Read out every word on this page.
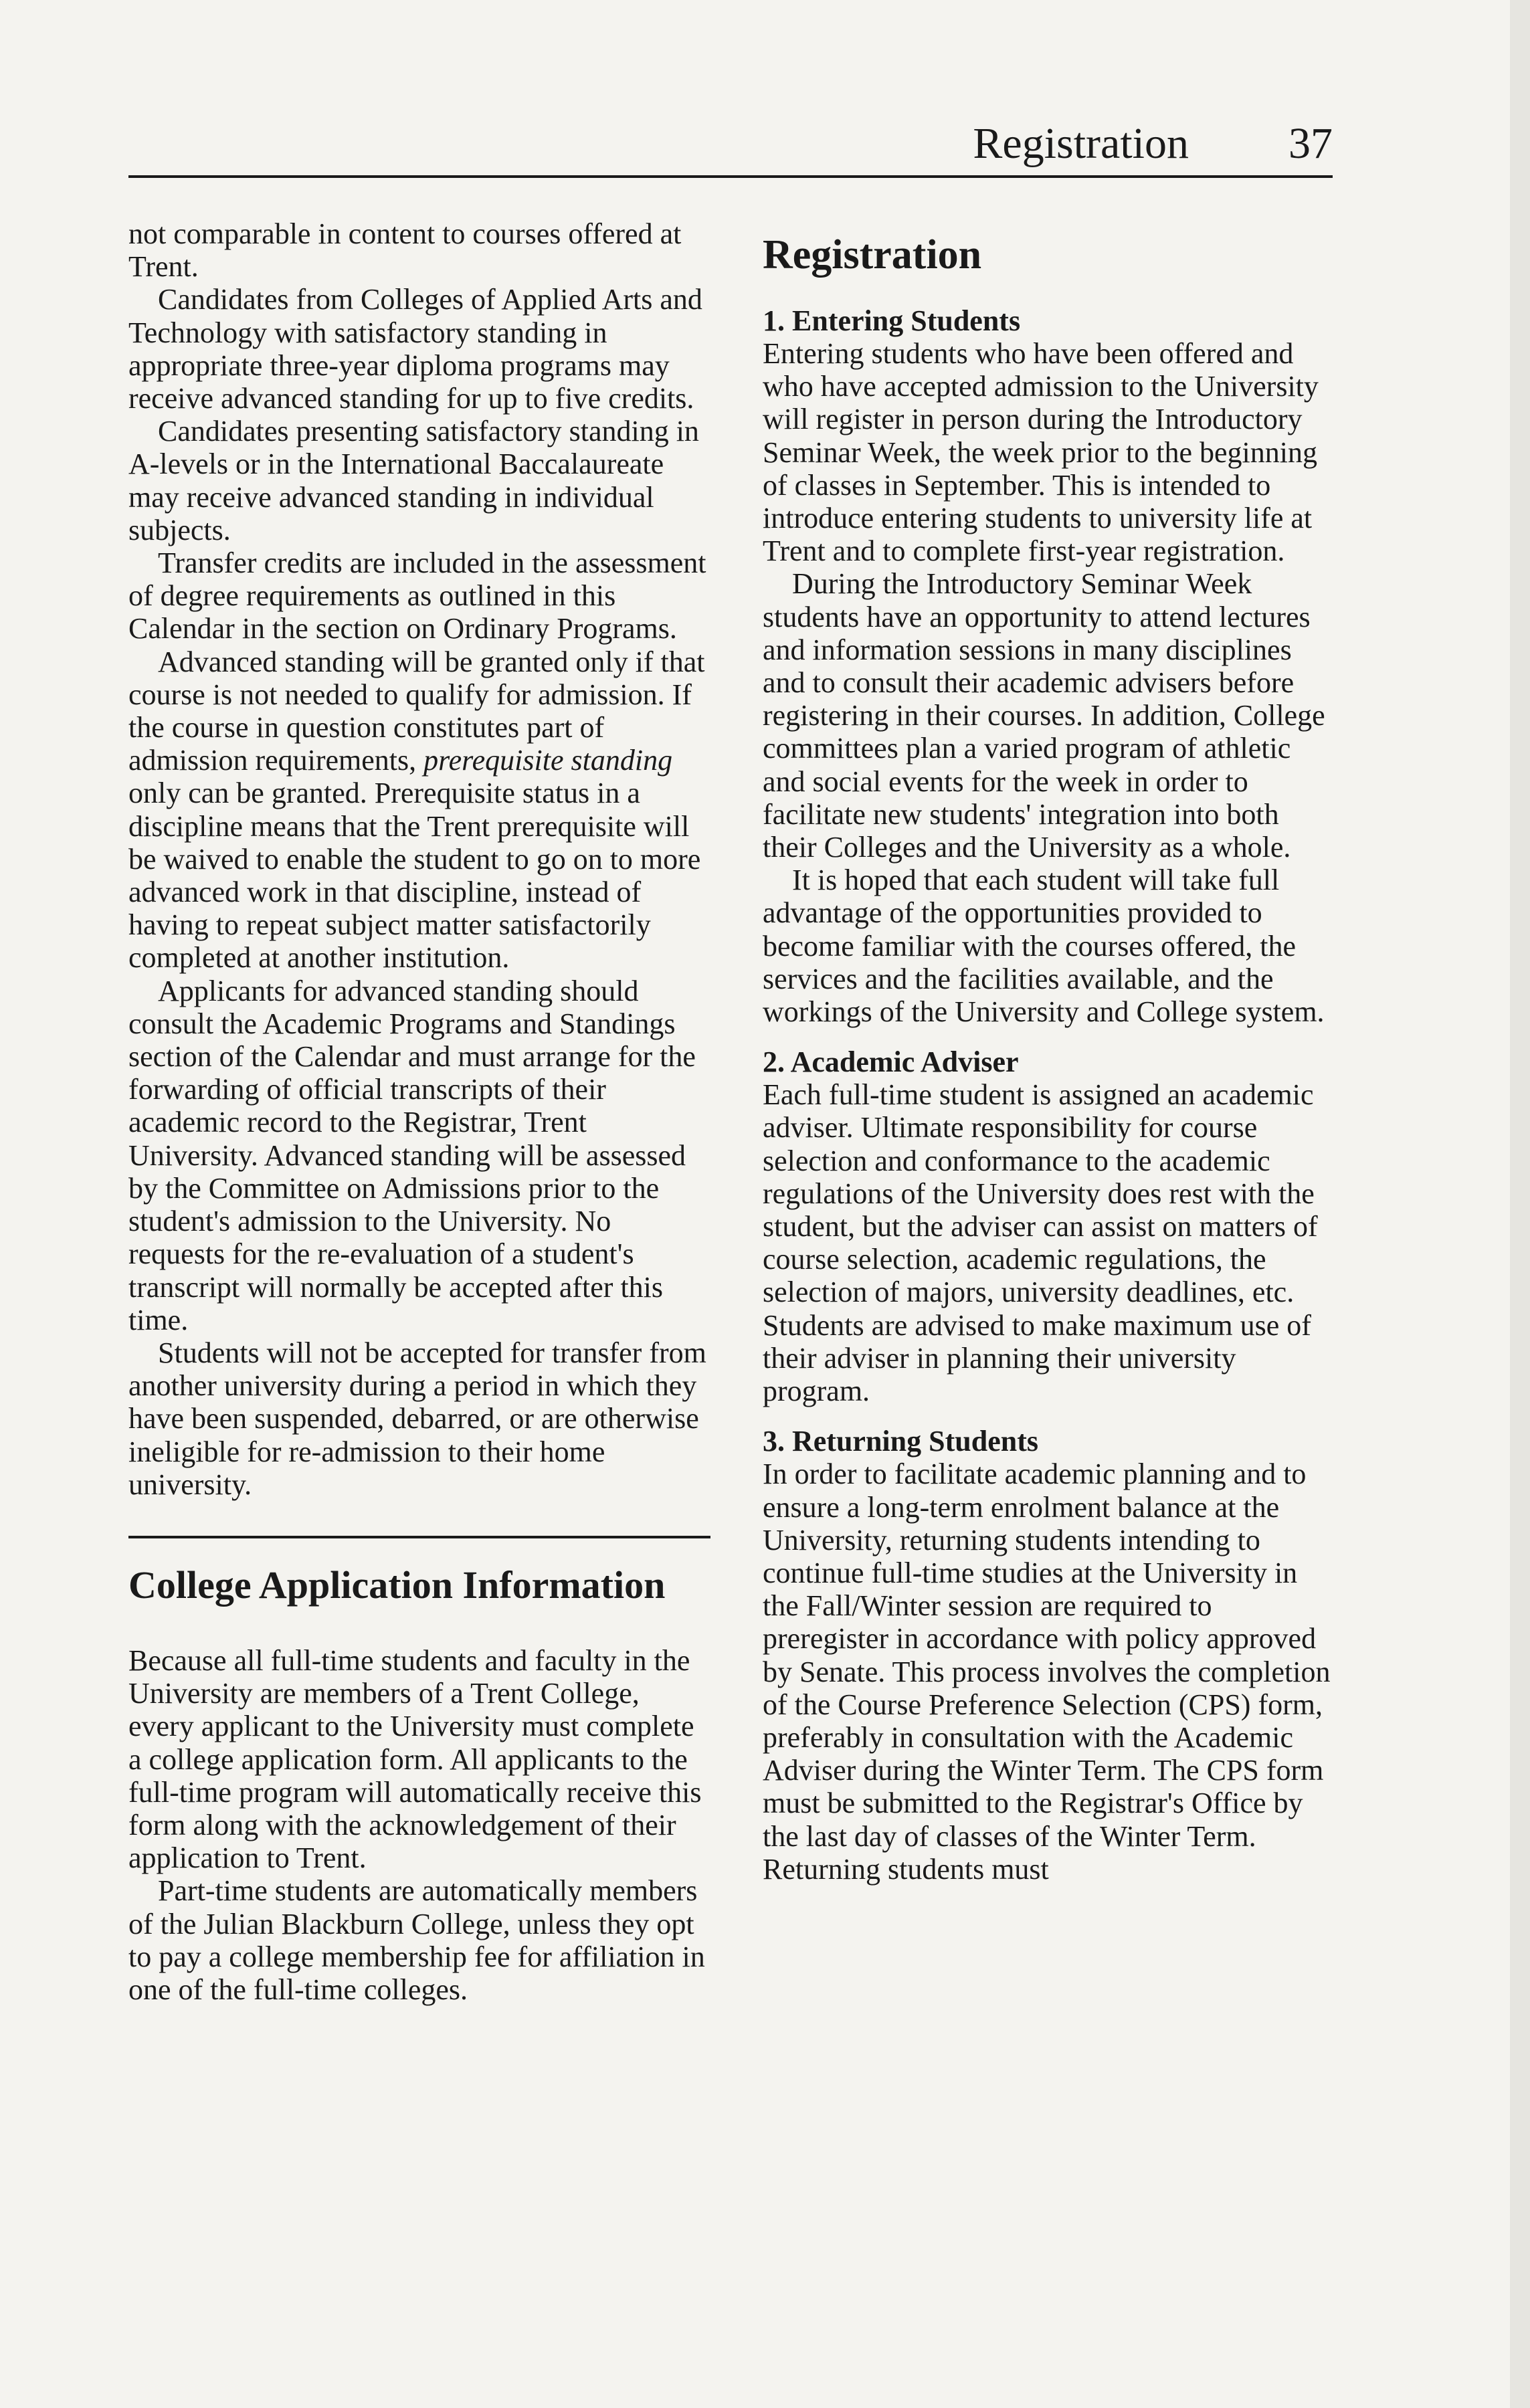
Registration 37

not comparable in content to courses offered at Trent.

Candidates from Colleges of Applied Arts and Technology with satisfactory standing in appropriate three-year diploma programs may receive advanced standing for up to five credits.

Candidates presenting satisfactory standing in A-levels or in the International Baccalaureate may receive advanced standing in individual subjects.

Transfer credits are included in the assessment of degree requirements as outlined in this Calendar in the section on Ordinary Programs.

Advanced standing will be granted only if that course is not needed to qualify for admission. If the course in question constitutes part of admission requirements, prerequisite standing only can be granted. Prerequisite status in a discipline means that the Trent prerequisite will be waived to enable the student to go on to more advanced work in that discipline, instead of having to repeat subject matter satisfactorily completed at another institution.

Applicants for advanced standing should consult the Academic Programs and Standings section of the Calendar and must arrange for the forwarding of official transcripts of their academic record to the Registrar, Trent University. Advanced standing will be assessed by the Committee on Admissions prior to the student's admission to the University. No requests for the re-evaluation of a student's transcript will normally be accepted after this time.

Students will not be accepted for transfer from another university during a period in which they have been suspended, debarred, or are otherwise ineligible for re-admission to their home university.

College Application Information

Because all full-time students and faculty in the University are members of a Trent College, every applicant to the University must complete a college application form. All applicants to the full-time program will automatically receive this form along with the acknowledgement of their application to Trent.

Part-time students are automatically members of the Julian Blackburn College, unless they opt to pay a college membership fee for affiliation in one of the full-time colleges.

Registration
1. Entering Students

Entering students who have been offered and who have accepted admission to the University will register in person during the Introductory Seminar Week, the week prior to the beginning of classes in September. This is intended to introduce entering students to university life at Trent and to complete first-year registration.

During the Introductory Seminar Week students have an opportunity to attend lectures and information sessions in many disciplines and to consult their academic advisers before registering in their courses. In addition, College committees plan a varied program of athletic and social events for the week in order to facilitate new students' integration into both their Colleges and the University as a whole.

It is hoped that each student will take full advantage of the opportunities provided to become familiar with the courses offered, the services and the facilities available, and the workings of the University and College system.

2. Academic Adviser

Each full-time student is assigned an academic adviser. Ultimate responsibility for course selection and conformance to the academic regulations of the University does rest with the student, but the adviser can assist on matters of course selection, academic regulations, the selection of majors, university deadlines, etc. Students are advised to make maximum use of their adviser in planning their university program.

3. Returning Students

In order to facilitate academic planning and to ensure a long-term enrolment balance at the University, returning students intending to continue full-time studies at the University in the Fall/Winter session are required to preregister in accordance with policy approved by Senate. This process involves the completion of the Course Preference Selection (CPS) form, preferably in consultation with the Academic Adviser during the Winter Term. The CPS form must be submitted to the Registrar's Office by the last day of classes of the Winter Term. Returning students must
